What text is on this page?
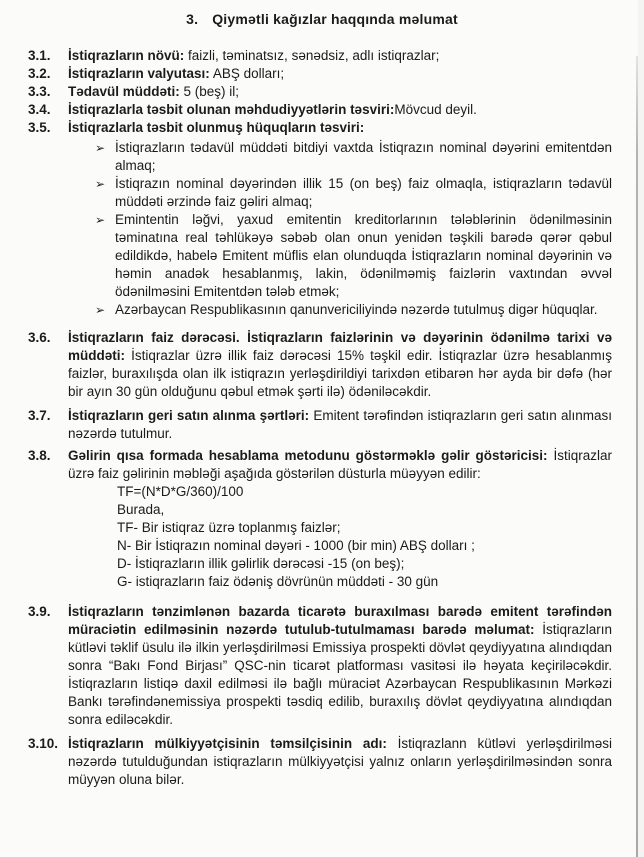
3. Qiymətli kağızlar haqqında məlumat
3.1.	İstiqrazların növü: faizli, təminatsız, sənədsiz, adlı istiqrazlar;
3.2.	İstiqrazların valyutası: ABŞ dolları;
3.3.	Tədavül müddəti: 5 (beş) il;
3.4.	İstiqrazlarla təsbit olunan məhdudiyyətlərin təsviri:Mövcud deyil.
3.5.	İstiqrazlarla təsbit olunmuş hüquqların təsviri:
➢ İstiqrazların tədavül müddəti bitdiyi vaxtda İstiqrazın nominal dəyərini emitentdən almaq;
➢ İstiqrazın nominal dəyərindən illik 15 (on beş) faiz olmaqla, istiqrazların tədavül müddəti ərzində faiz gəliri almaq;
➢ Emintentin ləğvi, yaxud emitentin kreditorlarının tələblərinin ödənilməsinin təminatına real təhlükəyə səbəb olan onun yenidən təşkili barədə qərər qəbul edildikdə, habelə Emitent müflis elan olunduqda İstiqrazların nominal dəyərinin və həmin anadək hesablanmış, lakin, ödənilməmiş faizlərin vaxtından əvvəl ödənilməsini Emitentdən tələb etmək;
➢ Azərbaycan Respublikasının qanunvericiliyində nəzərdə tutulmuş digər hüquqlar.
3.6.	İstiqrazların faiz dərəcəsi. İstiqrazların faizlərinin və dəyərinin ödənilmə tarixi və müddəti: İstiqrazlar üzrə illik faiz dərəcəsi 15% təşkil edir. İstiqrazlar üzrə hesablanmış faizlər, buraxılışda olan ilk istiqrazın yerləşdirildiyi tarixdən etibarən hər ayda bir dəfə (hər bir ayın 30 gün olduğunu qəbul etmək şərti ilə) ödəniləcəkdir.
3.7.	İstiqrazların geri satın alınma şərtləri: Emitent tərəfindən istiqrazların geri satın alınması nəzərdə tutulmur.
3.8.	Gəlirin qısa formada hesablama metodunu göstərməklə gəlir göstəricisi: İstiqrazlar üzrə faiz gəlirinin məbləği aşağıda göstərilən düsturla müəyyən edilir:
TF=(N*D*G/360)/100
Burada,
TF- Bir istiqraz üzrə toplanmış faizlər;
N- Bir İstiqrazın nominal dəyəri - 1000 (bir min) ABŞ dolları ;
D- İstiqrazların illik gəlirlik dərəcəsi -15 (on beş);
G- istiqrazların faiz ödəniş dövrünün müddəti - 30 gün
3.9.	İstiqrazların tənzimlənən bazarda ticarətə buraxılması barədə emitent tərəfindən müraciətin edilməsinin nəzərdə tutulub-tutulmaması barədə məlumat: İstiqrazların kütləvi təklif üsulu ilə ilkin yerləşdirilməsi Emissiya prospekti dövlət qeydiyyatına alındıqdan sonra “Bakı Fond Birjası” QSC-nin ticarət platforması vasitəsi ilə həyata keçiriləcəkdir. İstiqrazların listiqə daxil edilməsi ilə bağlı müraciət Azərbaycan Respublikasının Mərkəzi Bankı tərəfindənemissiya prospekti təsdiq edilib, buraxılış dövlət qeydiyyatına alındıqdan sonra ediləcəkdir.
3.10. İstiqrazların mülkiyyətçisinin təmsilçisinin adı: İstiqrazlann kütləvi yerləşdirilməsi nəzərdə tutulduğundan istiqrazların mülkiyyətçisi yalnız onların yerləşdirilməsindən sonra müyyən oluna bilər.
